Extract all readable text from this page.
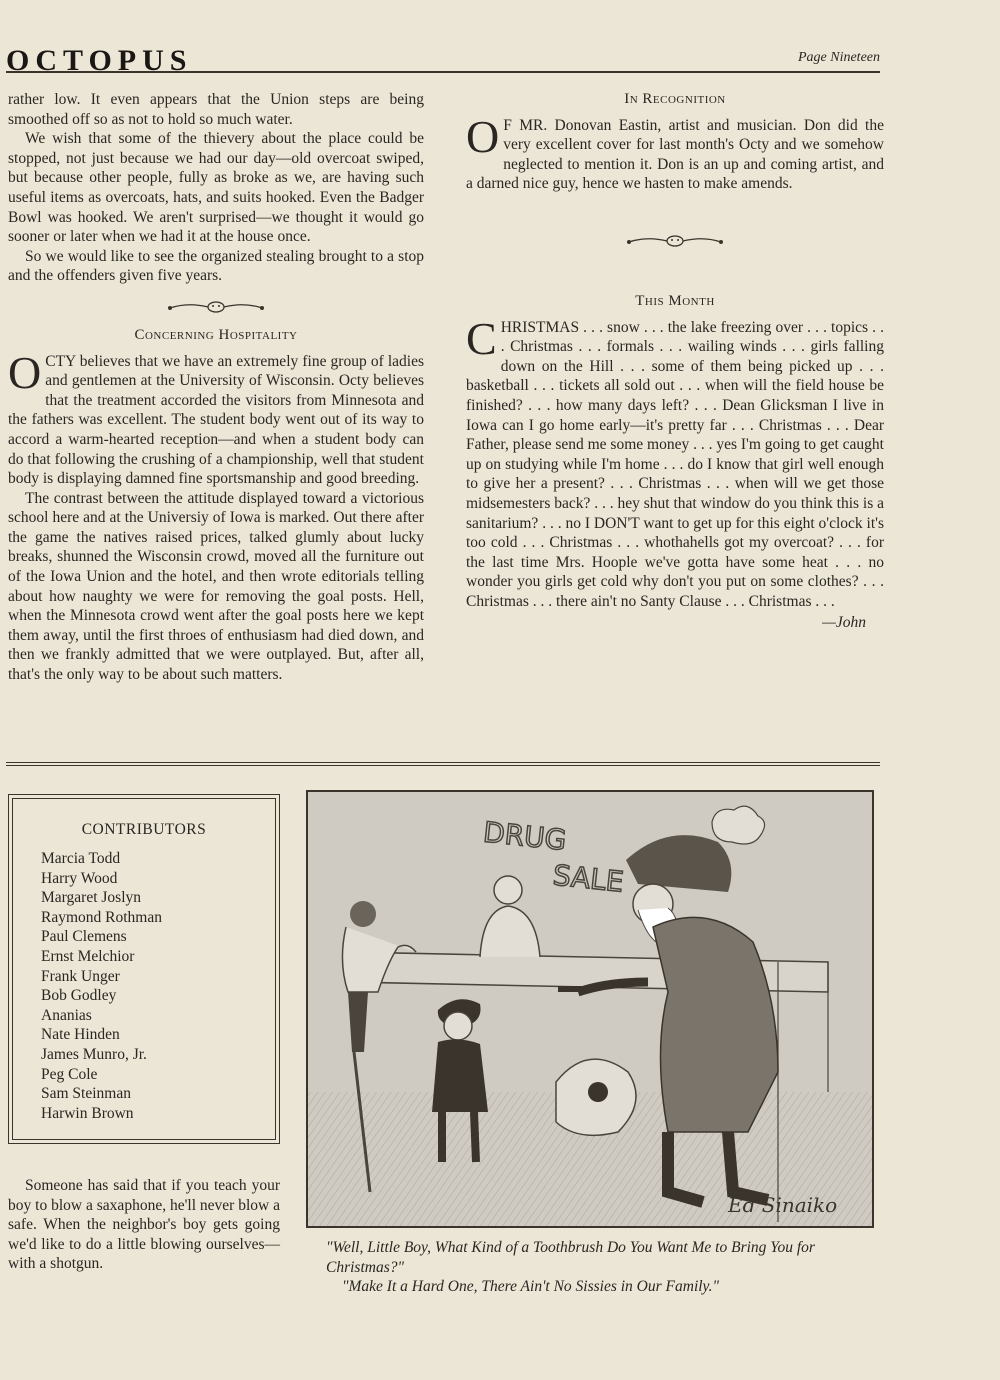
OCTOPUS	Page Nineteen

rather low. It even appears that the Union steps are being smoothed off so as not to hold so much water.

We wish that some of the thievery about the place could be stopped, not just because we had our day—old overcoat swiped, but because other people, fully as broke as we, are having such useful items as overcoats, hats, and suits hooked. Even the Badger Bowl was hooked. We aren't surprised—we thought it would go sooner or later when we had it at the house once.

So we would like to see the organized stealing brought to a stop and the offenders given five years.

Concerning Hospitality

OCTY believes that we have an extremely fine group of ladies and gentlemen at the University of Wisconsin. Octy believes that the treatment accorded the visitors from Minnesota and the fathers was excellent. The student body went out of its way to accord a warm-hearted reception—and when a student body can do that following the crushing of a championship, well that student body is displaying damned fine sportsmanship and good breeding.

The contrast between the attitude displayed toward a victorious school here and at the Universiy of Iowa is marked. Out there after the game the natives raised prices, talked glumly about lucky breaks, shunned the Wisconsin crowd, moved all the furniture out of the Iowa Union and the hotel, and then wrote editorials telling about how naughty we were for removing the goal posts. Hell, when the Minnesota crowd went after the goal posts here we kept them away, until the first throes of enthusiasm had died down, and then we frankly admitted that we were outplayed. But, after all, that's the only way to be about such matters.

In Recognition

O F MR. Donovan Eastin, artist and musician. Don did the very excellent cover for last month's Octy and we somehow neglected to mention it. Don is an up and coming artist, and a darned nice guy, hence we hasten to make amends.

This Month

CHRISTMAS . . . snow . . . the lake freezing over . . . topics . . . Christmas . . . formals . . . wailing winds . . . girls falling down on the Hill . . . some of them being picked up . . . basketball . . . tickets all sold out . . . when will the field house be finished? . . . how many days left? . . . Dean Glicksman I live in Iowa can I go home early—it's pretty far . . . Christmas . . . Dear Father, please send me some money . . . yes I'm going to get caught up on studying while I'm home . . . do I know that girl well enough to give her a present? . . . Christmas . . . when will we get those midsemesters back? . . . hey shut that window do you think this is a sanitarium? . . . no I DON'T want to get up for this eight o'clock it's too cold . . . Christmas . . . whothahells got my overcoat? . . . for the last time Mrs. Hoople we've gotta have some heat . . . no wonder you girls get cold why don't you put on some clothes? . . . Christmas . . . there ain't no Santy Clause . . . Christmas . . .

—John
CONTRIBUTORS
Marcia Todd
Harry Wood
Margaret Joslyn
Raymond Rothman
Paul Clemens
Ernst Melchior
Frank Unger
Bob Godley
Ananias
Nate Hinden
James Munro, Jr.
Peg Cole
Sam Steinman
Harwin Brown

Someone has said that if you teach your boy to blow a saxaphone, he'll never blow a safe. When the neighbor's boy gets going we'd like to do a little blowing ourselves—with a shotgun.

DRUG
SALE
Ed Sinaiko

"Well, Little Boy, What Kind of a Toothbrush Do You Want Me to Bring You for Christmas?"

"Make It a Hard One, There Ain't No Sissies in Our Family."
